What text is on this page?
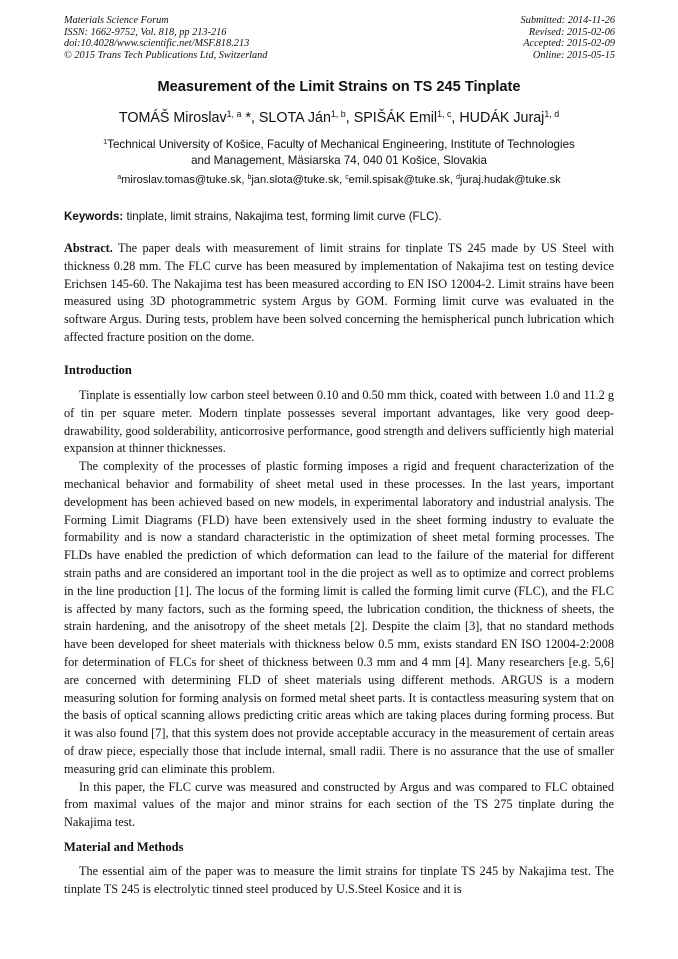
Materials Science Forum
ISSN: 1662-9752, Vol. 818, pp 213-216
doi:10.4028/www.scientific.net/MSF.818.213
© 2015 Trans Tech Publications Ltd, Switzerland
Submitted: 2014-11-26
Revised: 2015-02-06
Accepted: 2015-02-09
Online: 2015-05-15
Measurement of the Limit Strains on TS 245 Tinplate
TOMÁŠ Miroslav$^{1, a}$ *, SLOTA Ján$^{1, b}$, SPIŠÁK Emil$^{1, c}$, HUDÁK Juraj$^{1, d}$
$^1$Technical University of Košice, Faculty of Mechanical Engineering, Institute of Technologies
and Management, Mäsiarska 74, 040 01 Košice, Slovakia
$^a$miroslav.tomas@tuke.sk, $^b$jan.slota@tuke.sk, $^c$emil.spisak@tuke.sk, $^d$juraj.hudak@tuke.sk
Keywords: tinplate, limit strains, Nakajima test, forming limit curve (FLC).

Abstract. The paper deals with measurement of limit strains for tinplate TS 245 made by US Steel with thickness 0.28 mm. The FLC curve has been measured by implementation of Nakajima test on testing device Erichsen 145-60. The Nakajima test has been measured according to EN ISO 12004-2. Limit strains have been measured using 3D photogrammetric system Argus by GOM. Forming limit curve was evaluated in the software Argus. During tests, problem have been solved concerning the hemispherical punch lubrication which affected fracture position on the dome.

Introduction

Tinplate is essentially low carbon steel between 0.10 and 0.50 mm thick, coated with between 1.0 and 11.2 g of tin per square meter. Modern tinplate possesses several important advantages, like very good deep-drawability, good solderability, anticorrosive performance, good strength and delivers sufficiently high material expansion at thinner thicknesses.

The complexity of the processes of plastic forming imposes a rigid and frequent characterization of the mechanical behavior and formability of sheet metal used in these processes. In the last years, important development has been achieved based on new models, in experimental laboratory and industrial analysis. The Forming Limit Diagrams (FLD) have been extensively used in the sheet forming industry to evaluate the formability and is now a standard characteristic in the optimization of sheet metal forming processes. The FLDs have enabled the prediction of which deformation can lead to the failure of the material for different strain paths and are considered an important tool in the die project as well as to optimize and correct problems in the line production [1]. The locus of the forming limit is called the forming limit curve (FLC), and the FLC is affected by many factors, such as the forming speed, the lubrication condition, the thickness of sheets, the strain hardening, and the anisotropy of the sheet metals [2]. Despite the claim [3], that no standard methods have been developed for sheet materials with thickness below 0.5 mm, exists standard EN ISO 12004-2:2008 for determination of FLCs for sheet of thickness between 0.3 mm and 4 mm [4]. Many researchers [e.g. 5,6] are concerned with determining FLD of sheet materials using different methods. ARGUS is a modern measuring solution for forming analysis on formed metal sheet parts. It is contactless measuring system that on the basis of optical scanning allows predicting critic areas which are taking places during forming process. But it was also found [7], that this system does not provide acceptable accuracy in the measurement of certain areas of draw piece, especially those that include internal, small radii. There is no assurance that the use of smaller measuring grid can eliminate this problem.

In this paper, the FLC curve was measured and constructed by Argus and was compared to FLC obtained from maximal values of the major and minor strains for each section of the TS 275 tinplate during the Nakajima test.

Material and Methods

The essential aim of the paper was to measure the limit strains for tinplate TS 245 by Nakajima test. The tinplate TS 245 is electrolytic tinned steel produced by U.S.Steel Kosice and it is
